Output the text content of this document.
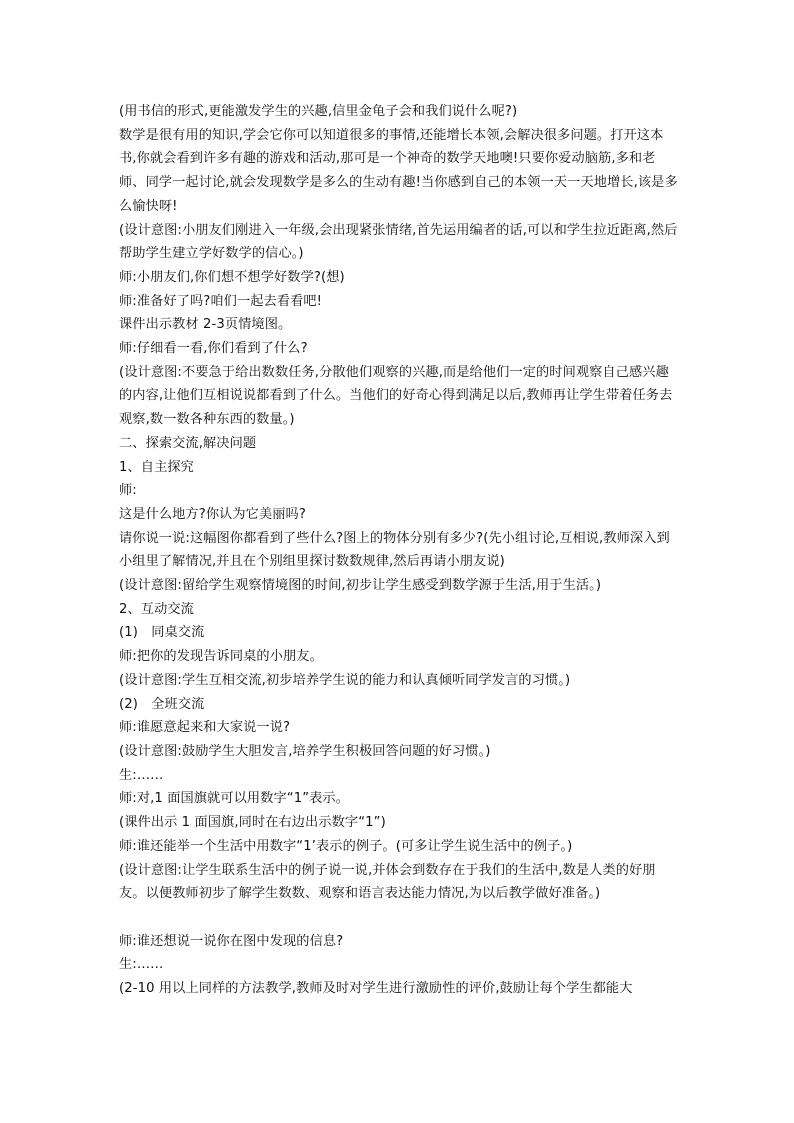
(用书信的形式,更能激发学生的兴趣,信里金龟子会和我们说什么呢?)
数学是很有用的知识,学会它你可以知道很多的事情,还能增长本领,会解决很多问题。打开这本书,你就会看到许多有趣的游戏和活动,那可是一个神奇的数学天地噢!只要你爱动脑筋,多和老师、同学一起讨论,就会发现数学是多么的生动有趣!当你感到自己的本领一天一天地增长,该是多么愉快呀!
(设计意图:小朋友们刚进入一年级,会出现紧张情绪,首先运用编者的话,可以和学生拉近距离,然后帮助学生建立学好数学的信心。)
师:小朋友们,你们想不想学好数学?(想)
师:准备好了吗?咱们一起去看看吧!
课件出示教材 2-3页情境图。
师:仔细看一看,你们看到了什么?
(设计意图:不要急于给出数数任务,分散他们观察的兴趣,而是给他们一定的时间观察自己感兴趣的内容,让他们互相说说都看到了什么。当他们的好奇心得到满足以后,教师再让学生带着任务去观察,数一数各种东西的数量。)
二、探索交流,解决问题
1、自主探究
师:
这是什么地方?你认为它美丽吗?
请你说一说:这幅图你都看到了些什么?图上的物体分别有多少?(先小组讨论,互相说,教师深入到小组里了解情况,并且在个别组里探讨数数规律,然后再请小朋友说)
(设计意图:留给学生观察情境图的时间,初步让学生感受到数学源于生活,用于生活。)
2、互动交流
(1)　同桌交流
师:把你的发现告诉同桌的小朋友。
(设计意图:学生互相交流,初步培养学生说的能力和认真倾听同学发言的习惯。)
(2)　全班交流
师:谁愿意起来和大家说一说?
(设计意图:鼓励学生大胆发言,培养学生积极回答问题的好习惯。)
生:……
师:对,1 面国旗就可以用数字“1”表示。
(课件出示 1 面国旗,同时在右边出示数字“1”)
师:谁还能举一个生活中用数字“1’表示的例子。(可多让学生说生活中的例子。)
(设计意图:让学生联系生活中的例子说一说,并体会到数存在于我们的生活中,数是人类的好朋友。以便教师初步了解学生数数、观察和语言表达能力情况,为以后教学做好准备。)
师:谁还想说一说你在图中发现的信息?
生:……
(2-10 用以上同样的方法教学,教师及时对学生进行激励性的评价,鼓励让每个学生都能大
